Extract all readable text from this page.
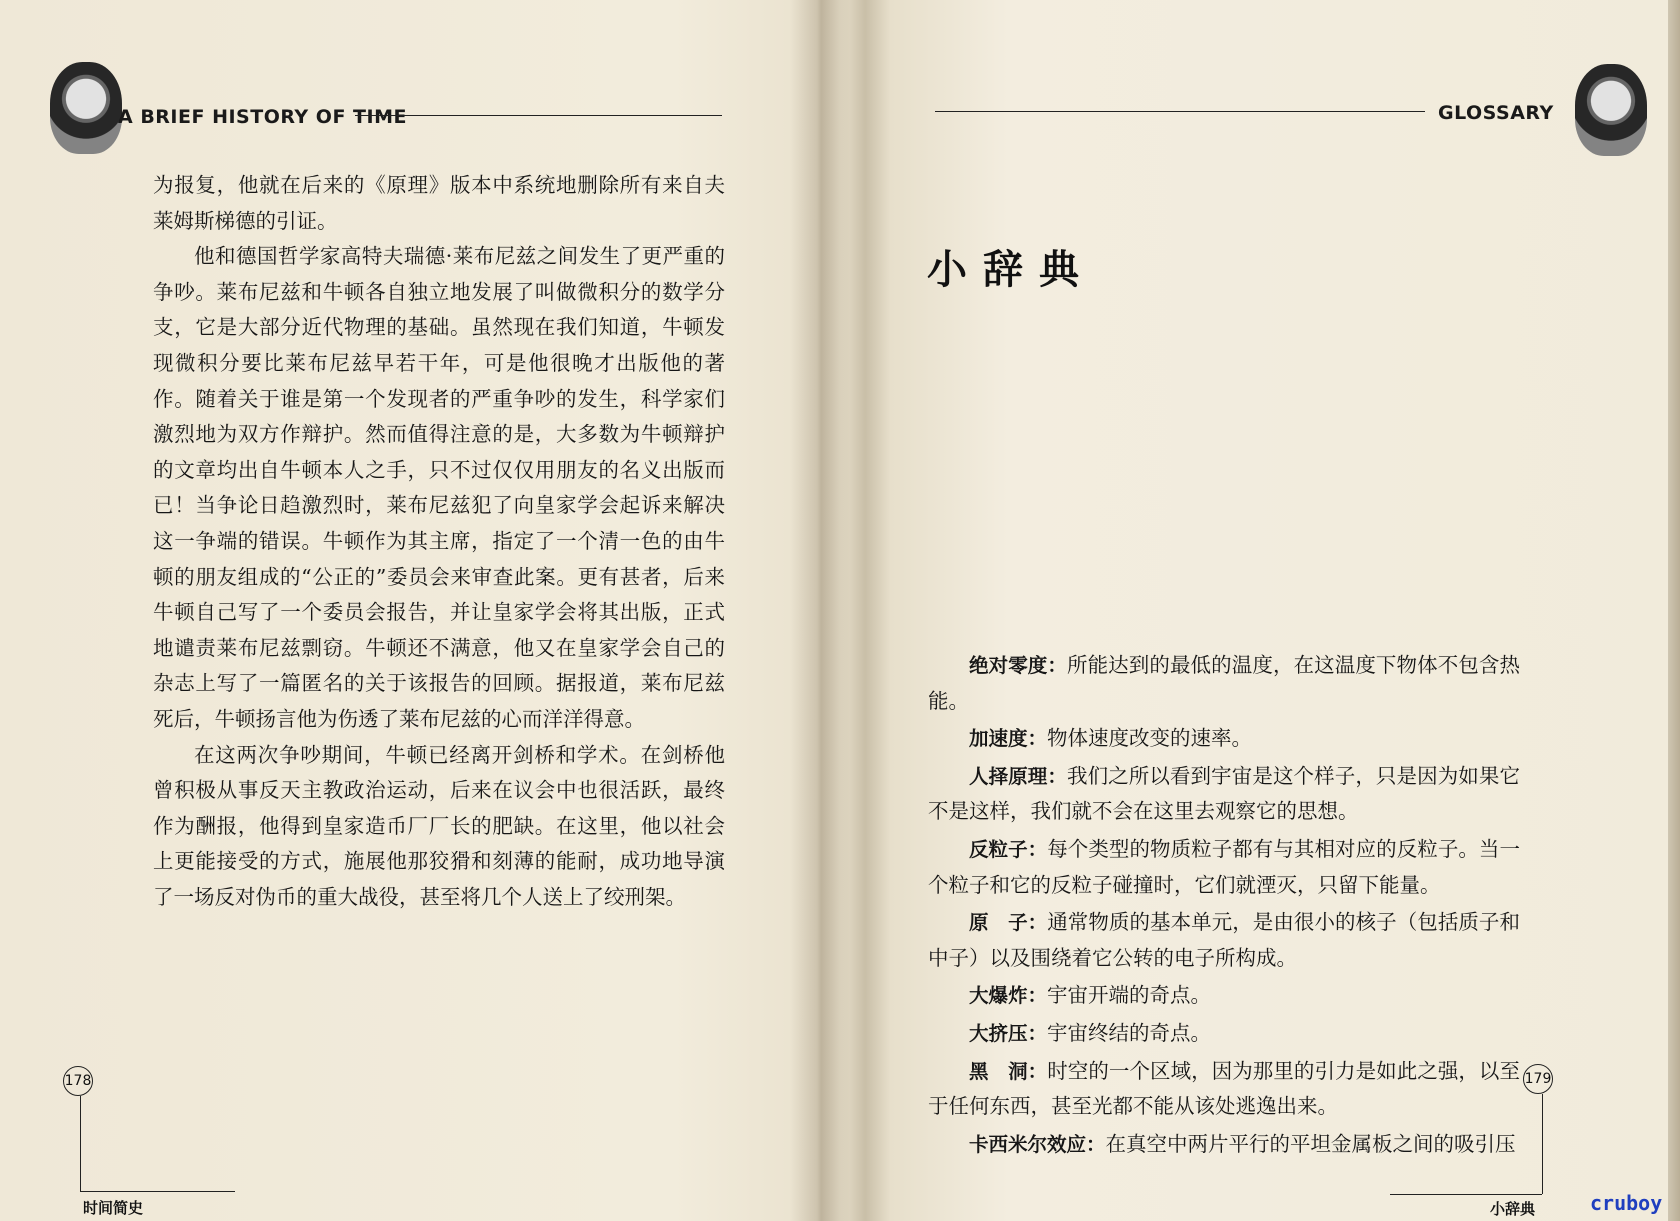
A BRIEF HISTORY OF TIME

为报复，他就在后来的《原理》版本中系统地删除所有来自夫莱姆斯梯德的引证。

他和德国哲学家高特夫瑞德·莱布尼兹之间发生了更严重的争吵。莱布尼兹和牛顿各自独立地发展了叫做微积分的数学分支，它是大部分近代物理的基础。虽然现在我们知道，牛顿发现微积分要比莱布尼兹早若干年，可是他很晚才出版他的著作。随着关于谁是第一个发现者的严重争吵的发生，科学家们激烈地为双方作辩护。然而值得注意的是，大多数为牛顿辩护的文章均出自牛顿本人之手，只不过仅仅用朋友的名义出版而已！当争论日趋激烈时，莱布尼兹犯了向皇家学会起诉来解决这一争端的错误。牛顿作为其主席，指定了一个清一色的由牛顿的朋友组成的“公正的”委员会来审查此案。更有甚者，后来牛顿自己写了一个委员会报告，并让皇家学会将其出版，正式地谴责莱布尼兹剽窃。牛顿还不满意，他又在皇家学会自己的杂志上写了一篇匿名的关于该报告的回顾。据报道，莱布尼兹死后，牛顿扬言他为伤透了莱布尼兹的心而洋洋得意。

在这两次争吵期间，牛顿已经离开剑桥和学术。在剑桥他曾积极从事反天主教政治运动，后来在议会中也很活跃，最终作为酬报，他得到皇家造币厂厂长的肥缺。在这里，他以社会上更能接受的方式，施展他那狡猾和刻薄的能耐，成功地导演了一场反对伪币的重大战役，甚至将几个人送上了绞刑架。

178
时间简史
GLOSSARY
小辞典

绝对零度：所能达到的最低的温度，在这温度下物体不包含热能。

加速度：物体速度改变的速率。

人择原理：我们之所以看到宇宙是这个样子，只是因为如果它不是这样，我们就不会在这里去观察它的思想。

反粒子：每个类型的物质粒子都有与其相对应的反粒子。当一个粒子和它的反粒子碰撞时，它们就湮灭，只留下能量。

原　子：通常物质的基本单元，是由很小的核子（包括质子和中子）以及围绕着它公转的电子所构成。

大爆炸：宇宙开端的奇点。

大挤压：宇宙终结的奇点。

黑　洞：时空的一个区域，因为那里的引力是如此之强，以至于任何东西，甚至光都不能从该处逃逸出来。

卡西米尔效应：在真空中两片平行的平坦金属板之间的吸引压

179
小辞典	cruboy
